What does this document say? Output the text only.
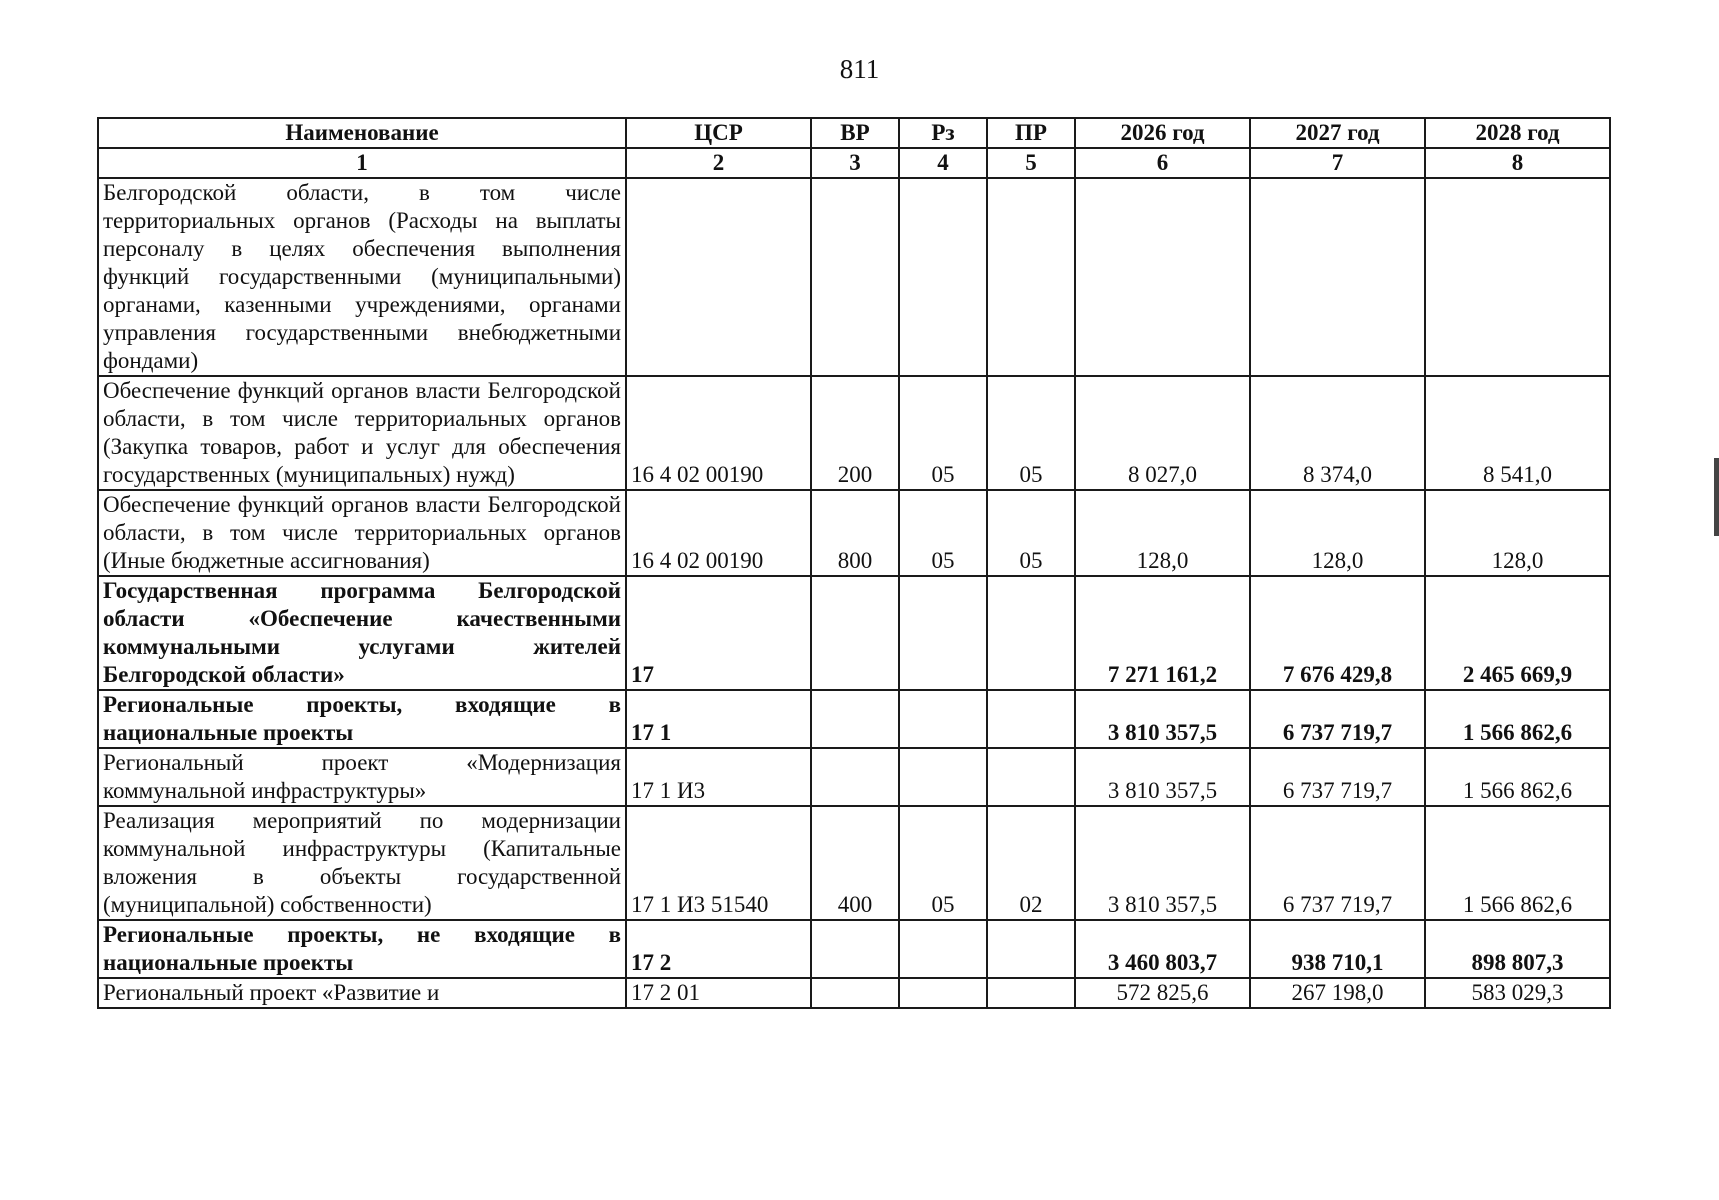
811
Наименование	ЦСР	ВР	Рз	ПР	2026 год	2027 год	2028 год
1	2	3	4	5	6	7	8
Белгородской области, в том числе территориальных органов (Расходы на выплаты персоналу в целях обеспечения выполнения функций государственными (муниципальными) органами, казенными учреждениями, органами управления государственными внебюджетными фондами)							
Обеспечение функций органов власти Белгородской области, в том числе территориальных органов (Закупка товаров, работ и услуг для обеспечения государственных (муниципальных) нужд)	16 4 02 00190	200	05	05	8 027,0	8 374,0	8 541,0
Обеспечение функций органов власти Белгородской области, в том числе территориальных органов (Иные бюджетные ассигнования)	16 4 02 00190	800	05	05	128,0	128,0	128,0
Государственная программа Белгородской области «Обеспечение качественными коммунальными услугами жителей Белгородской области»	17				7 271 161,2	7 676 429,8	2 465 669,9
Региональные проекты, входящие в национальные проекты	17 1				3 810 357,5	6 737 719,7	1 566 862,6
Региональный проект «Модернизация коммунальной инфраструктуры»	17 1 И3				3 810 357,5	6 737 719,7	1 566 862,6
Реализация мероприятий по модернизации коммунальной инфраструктуры (Капитальные вложения в объекты государственной (муниципальной) собственности)	17 1 И3 51540	400	05	02	3 810 357,5	6 737 719,7	1 566 862,6
Региональные проекты, не входящие в национальные проекты	17 2				3 460 803,7	938 710,1	898 807,3
Региональный проект «Развитие и	17 2 01				572 825,6	267 198,0	583 029,3
